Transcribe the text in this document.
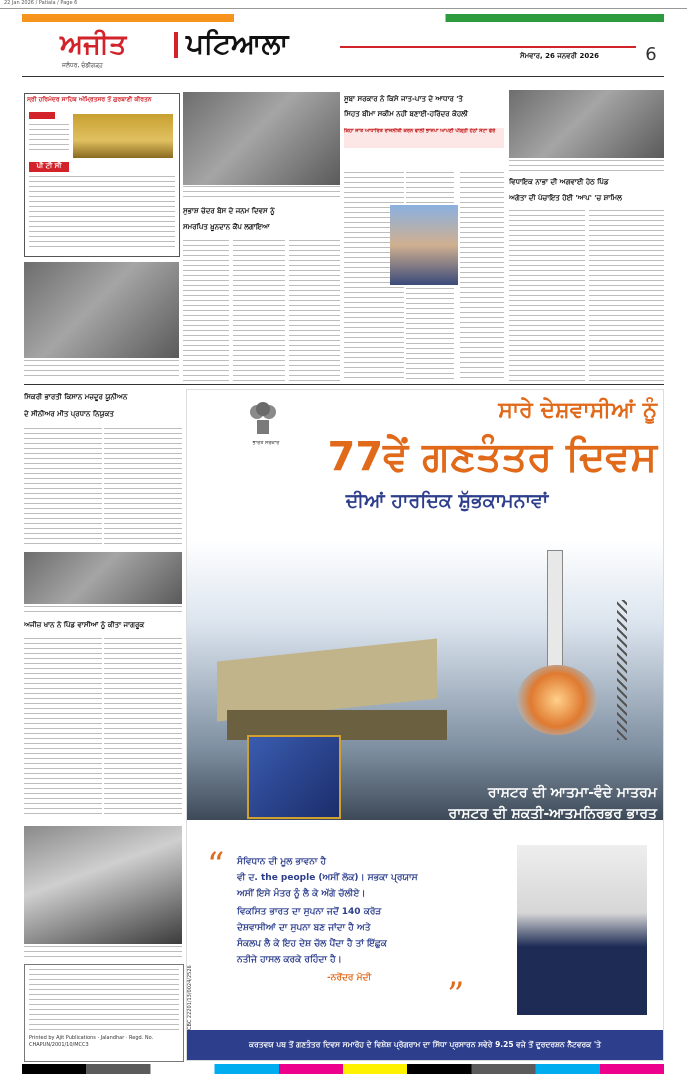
22 Jan 2026 / Patiala / Page 6
ਅਜੀਤ	ਪਟਿਆਲਾ
ਜਲੰਧਰ, ਚੰਡੀਗੜ੍ਹ
ਸੋਮਵਾਰ, 26 ਜਨਵਰੀ 2026	6
ਸ੍ਰੀ ਹਰਿਮੰਦਰ ਸਾਹਿਬ ਅੰਮ੍ਰਿਤਸਰ ਤੋਂ ਗੁਰਬਾਣੀ ਕੀਰਤਨ
ਪੀ ਟੀ ਸੀ
ਸੂਬਾ ਸਰਕਾਰ ਨੇ ਕਿਸੇ ਜਾਤ-ਪਾਤ ਦੇ ਆਧਾਰ 'ਤੇ
ਸਿਹਤ ਬੀਮਾ ਸਕੀਮ ਨਹੀਂ ਬਣਾਈ-ਹਰਿੰਦਰ ਕੋਹਲੀ
ਕਿਹਾ ਜਾਤ ਆਧਾਰਿਤ ਰਾਜਨੀਤੀ ਕਰਨ ਵਾਲੀ ਭਾਜਪਾ ਆਪਣੀ ਪੀੜ੍ਹੀ ਹੇਠਾਂ ਸੋਟਾ ਫੇਰੇ
ਵਿਧਾਇਕ ਨਾਭਾ ਦੀ ਅਗਵਾਈ ਹੇਠ ਪਿੰਡ
ਅਗੇਤਾ ਦੀ ਪੰਚਾਇਤ ਹੋਈ 'ਆਪ' 'ਚ ਸ਼ਾਮਿਲ
ਸੁਭਾਸ਼ ਚੰਦਰ ਬੋਸ ਦੇ ਜਨਮ ਦਿਵਸ ਨੂੰ
ਸਮਰਪਿਤ ਖ਼ੂਨਦਾਨ ਕੈਂਪ ਲਗਾਇਆ
ਸਿਕਰੀ ਭਾਰਤੀ ਕਿਸਾਨ ਮਜ਼ਦੂਰ ਯੂਨੀਅਨ
ਦੇ ਸੀਨੀਅਰ ਮੀਤ ਪ੍ਰਧਾਨ ਨਿਯੁਕਤ
ਅਜੀਜ਼ ਖਾਨ ਨੇ ਪਿੰਡ ਵਾਸੀਆਂ ਨੂੰ ਕੀਤਾ ਜਾਗਰੂਕ
Printed by Ajit Publications · Jalandhar · Regd. No. CHAPUN/2001/10/MCC3
ਭਾਰਤ ਸਰਕਾਰ
ਸਾਰੇ ਦੇਸ਼ਵਾਸੀਆਂ ਨੂੰ
77ਵੇਂ ਗਣਤੰਤਰ ਦਿਵਸ
ਦੀਆਂ ਹਾਰਦਿਕ ਸ਼ੁੱਭਕਾਮਨਾਵਾਂ
ਰਾਸ਼ਟਰ ਦੀ ਆਤਮਾ-ਵੰਦੇ ਮਾਤਰਮ
ਰਾਸ਼ਟਰ ਦੀ ਸ਼ਕਤੀ-ਆਤਮਨਿਰਭਰ ਭਾਰਤ
“	ਸੰਵਿਧਾਨ ਦੀ ਮੂਲ ਭਾਵਨਾ ਹੈ
ਵੀ ਦ. the people (ਅਸੀਂ ਲੋਕ)। ਸਭਕਾ ਪ੍ਰਯਾਸ
ਅਸੀਂ ਇਸੇ ਮੰਤਰ ਨੂੰ ਲੈ ਕੇ ਅੱਗੇ ਚੱਲੀਏ।
ਵਿਕਸਿਤ ਭਾਰਤ ਦਾ ਸੁਪਨਾ ਜਦੋਂ 140 ਕਰੋੜ
ਦੇਸ਼ਵਾਸੀਆਂ ਦਾ ਸੁਪਨਾ ਬਣ ਜਾਂਦਾ ਹੈ ਅਤੇ
ਸੰਕਲਪ ਲੈ ਕੇ ਇਹ ਦੇਸ਼ ਚੱਲ ਪੈਂਦਾ ਹੈ ਤਾਂ ਇੱਛੁਕ
ਨਤੀਜੇ ਹਾਸਲ ਕਰਕੇ ਰਹਿੰਦਾ ਹੈ।
-ਨਰੇਂਦਰ ਮੋਦੀ	”
CBC 22201/13/0024/2526
ਕਰਤਵਯ ਪਥ ਤੋਂ ਗਣਤੰਤਰ ਦਿਵਸ ਸਮਾਰੋਹ ਦੇ ਵਿਸ਼ੇਸ਼ ਪ੍ਰੋਗਰਾਮ ਦਾ ਸਿੱਧਾ ਪ੍ਰਸਾਰਨ ਸਵੇਰੇ 9.25 ਵਜੇ ਤੋਂ ਦੂਰਦਰਸ਼ਨ ਨੈੱਟਵਰਕ 'ਤੇ
